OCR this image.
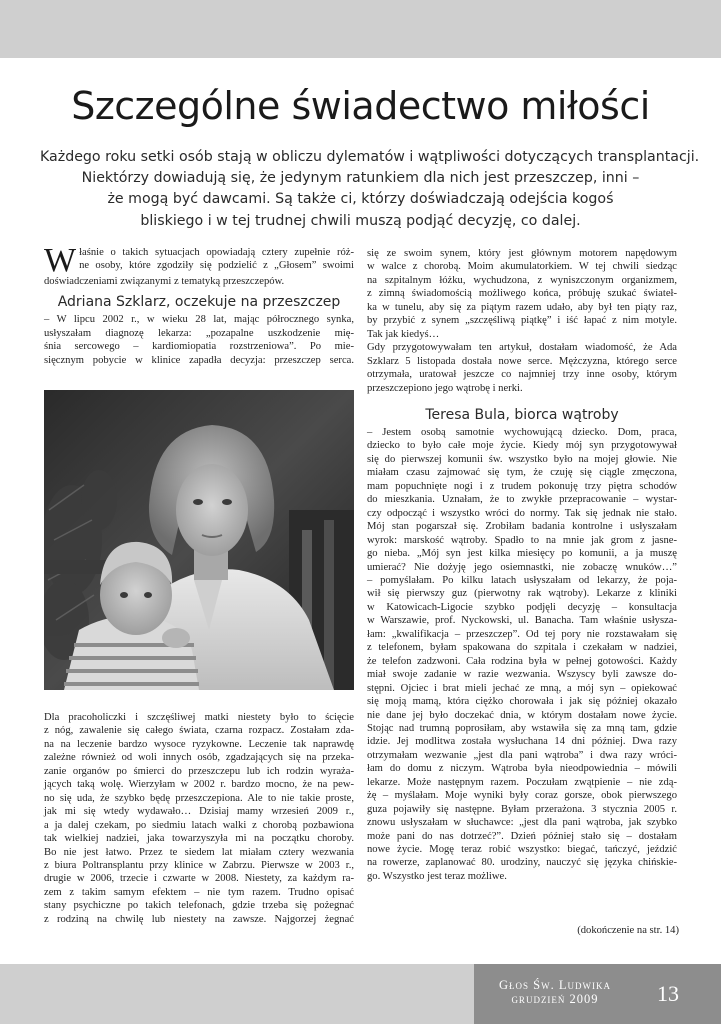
Szczególne świadectwo miłości
Każdego roku setki osób stają w obliczu dylematów i wątpliwości dotyczących transplantacji.
Niektórzy dowiadują się, że jedynym ratunkiem dla nich jest przeszczep, inni –
że mogą być dawcami. Są także ci, którzy doświadczają odejścia kogoś
bliskiego i w tej trudnej chwili muszą podjąć decyzję, co dalej.

W łaśnie o takich sytuacjach opowiadają cztery zupełnie róż-
ne osoby, które zgodziły się podzielić z „Głosem” swoimi
doświadczeniami związanymi z tematyką przeszczepów.

Adriana Szklarz, oczekuje na przeszczep

– W lipcu 2002 r., w wieku 28 lat, mając półrocznego synka,
usłyszałam diagnozę lekarza: „pozapalne uszkodzenie mię-
śnia sercowego – kardiomiopatia rozstrzeniowa”. Po mie-
sięcznym pobycie w klinice zapadła decyzja: przeszczep serca.

Dla pracoholiczki i szczęśliwej matki niestety było to ścięcie
z nóg, zawalenie się całego świata, czarna rozpacz. Zostałam zda-
na na leczenie bardzo wysoce ryzykowne. Leczenie tak naprawdę
zależne również od woli innych osób, zgadzających się na przeka-
zanie organów po śmierci do przeszczepu lub ich rodzin wyraża-
jących taką wolę. Wierzyłam w 2002 r. bardzo mocno, że na pew-
no się uda, że szybko będę przeszczepiona. Ale to nie takie proste,
jak mi się wtedy wydawało… Dzisiaj mamy wrzesień 2009 r.,
a ja dalej czekam, po siedmiu latach walki z chorobą pozbawiona
tak wielkiej nadziei, jaka towarzyszyła mi na początku choroby.
Bo nie jest łatwo. Przez te siedem lat miałam cztery wezwania
z biura Poltransplantu przy klinice w Zabrzu. Pierwsze w 2003 r.,
drugie w 2006, trzecie i czwarte w 2008. Niestety, za każdym ra-
zem z takim samym efektem – nie tym razem. Trudno opisać
stany psychiczne po takich telefonach, gdzie trzeba się pożegnać
z rodziną na chwilę lub niestety na zawsze. Najgorzej żegnać

się ze swoim synem, który jest głównym motorem napędowym
w walce z chorobą. Moim akumulatorkiem. W tej chwili siedząc
na szpitalnym łóżku, wychudzona, z wyniszczonym organizmem,
z zimną świadomością możliwego końca, próbuję szukać świateł-
ka w tunelu, aby się za piątym razem udało, aby był ten piąty raz,
by przybić z synem „szczęśliwą piątkę” i iść łapać z nim motyle.
Tak jak kiedyś…
Gdy przygotowywałam ten artykuł, dostałam wiadomość, że Ada
Szklarz 5 listopada dostała nowe serce. Mężczyzna, którego serce
otrzymała, uratował jeszcze co najmniej trzy inne osoby, którym
przeszczepiono jego wątrobę i nerki.

Teresa Bula, biorca wątroby

– Jestem osobą samotnie wychowującą dziecko. Dom, praca,
dziecko to było całe moje życie. Kiedy mój syn przygotowywał
się do pierwszej komunii św. wszystko było na mojej głowie. Nie
miałam czasu zajmować się tym, że czuję się ciągle zmęczona,
mam popuchnięte nogi i z trudem pokonuję trzy piętra schodów
do mieszkania. Uznałam, że to zwykłe przepracowanie – wystar-
czy odpocząć i wszystko wróci do normy. Tak się jednak nie stało.
Mój stan pogarszał się. Zrobiłam badania kontrolne i usłyszałam
wyrok: marskość wątroby. Spadło to na mnie jak grom z jasne-
go nieba. „Mój syn jest kilka miesięcy po komunii, a ja muszę
umierać? Nie dożyję jego osiemnastki, nie zobaczę wnuków…”
– pomyślałam. Po kilku latach usłyszałam od lekarzy, że poja-
wił się pierwszy guz (pierwotny rak wątroby). Lekarze z kliniki
w Katowicach-Ligocie szybko podjęli decyzję – konsultacja
w Warszawie, prof. Nyckowski, ul. Banacha. Tam właśnie usłysza-
łam: „kwalifikacja – przeszczep”. Od tej pory nie rozstawałam się
z telefonem, byłam spakowana do szpitala i czekałam w nadziei,
że telefon zadzwoni. Cała rodzina była w pełnej gotowości. Każdy
miał swoje zadanie w razie wezwania. Wszyscy byli zawsze do-
stępni. Ojciec i brat mieli jechać ze mną, a mój syn – opiekować
się moją mamą, która ciężko chorowała i jak się później okazało
nie dane jej było doczekać dnia, w którym dostałam nowe życie.
Stojąc nad trumną poprosiłam, aby wstawiła się za mną tam, gdzie
idzie. Jej modlitwa została wysłuchana 14 dni później. Dwa razy
otrzymałam wezwanie „jest dla pani wątroba” i dwa razy wróci-
łam do domu z niczym. Wątroba była nieodpowiednia – mówili
lekarze. Może następnym razem. Poczułam zwątpienie – nie zdą-
żę – myślałam. Moje wyniki były coraz gorsze, obok pierwszego
guza pojawiły się następne. Byłam przerażona. 3 stycznia 2005 r.
znowu usłyszałam w słuchawce: „jest dla pani wątroba, jak szybko
może pani do nas dotrzeć?”. Dzień później stało się – dostałam
nowe życie. Mogę teraz robić wszystko: biegać, tańczyć, jeździć
na rowerze, zaplanować 80. urodziny, nauczyć się języka chińskie-
go. Wszystko jest teraz możliwe.

(dokończenie na str. 14)
Głos Św. Ludwika
grudzień 2009	13
